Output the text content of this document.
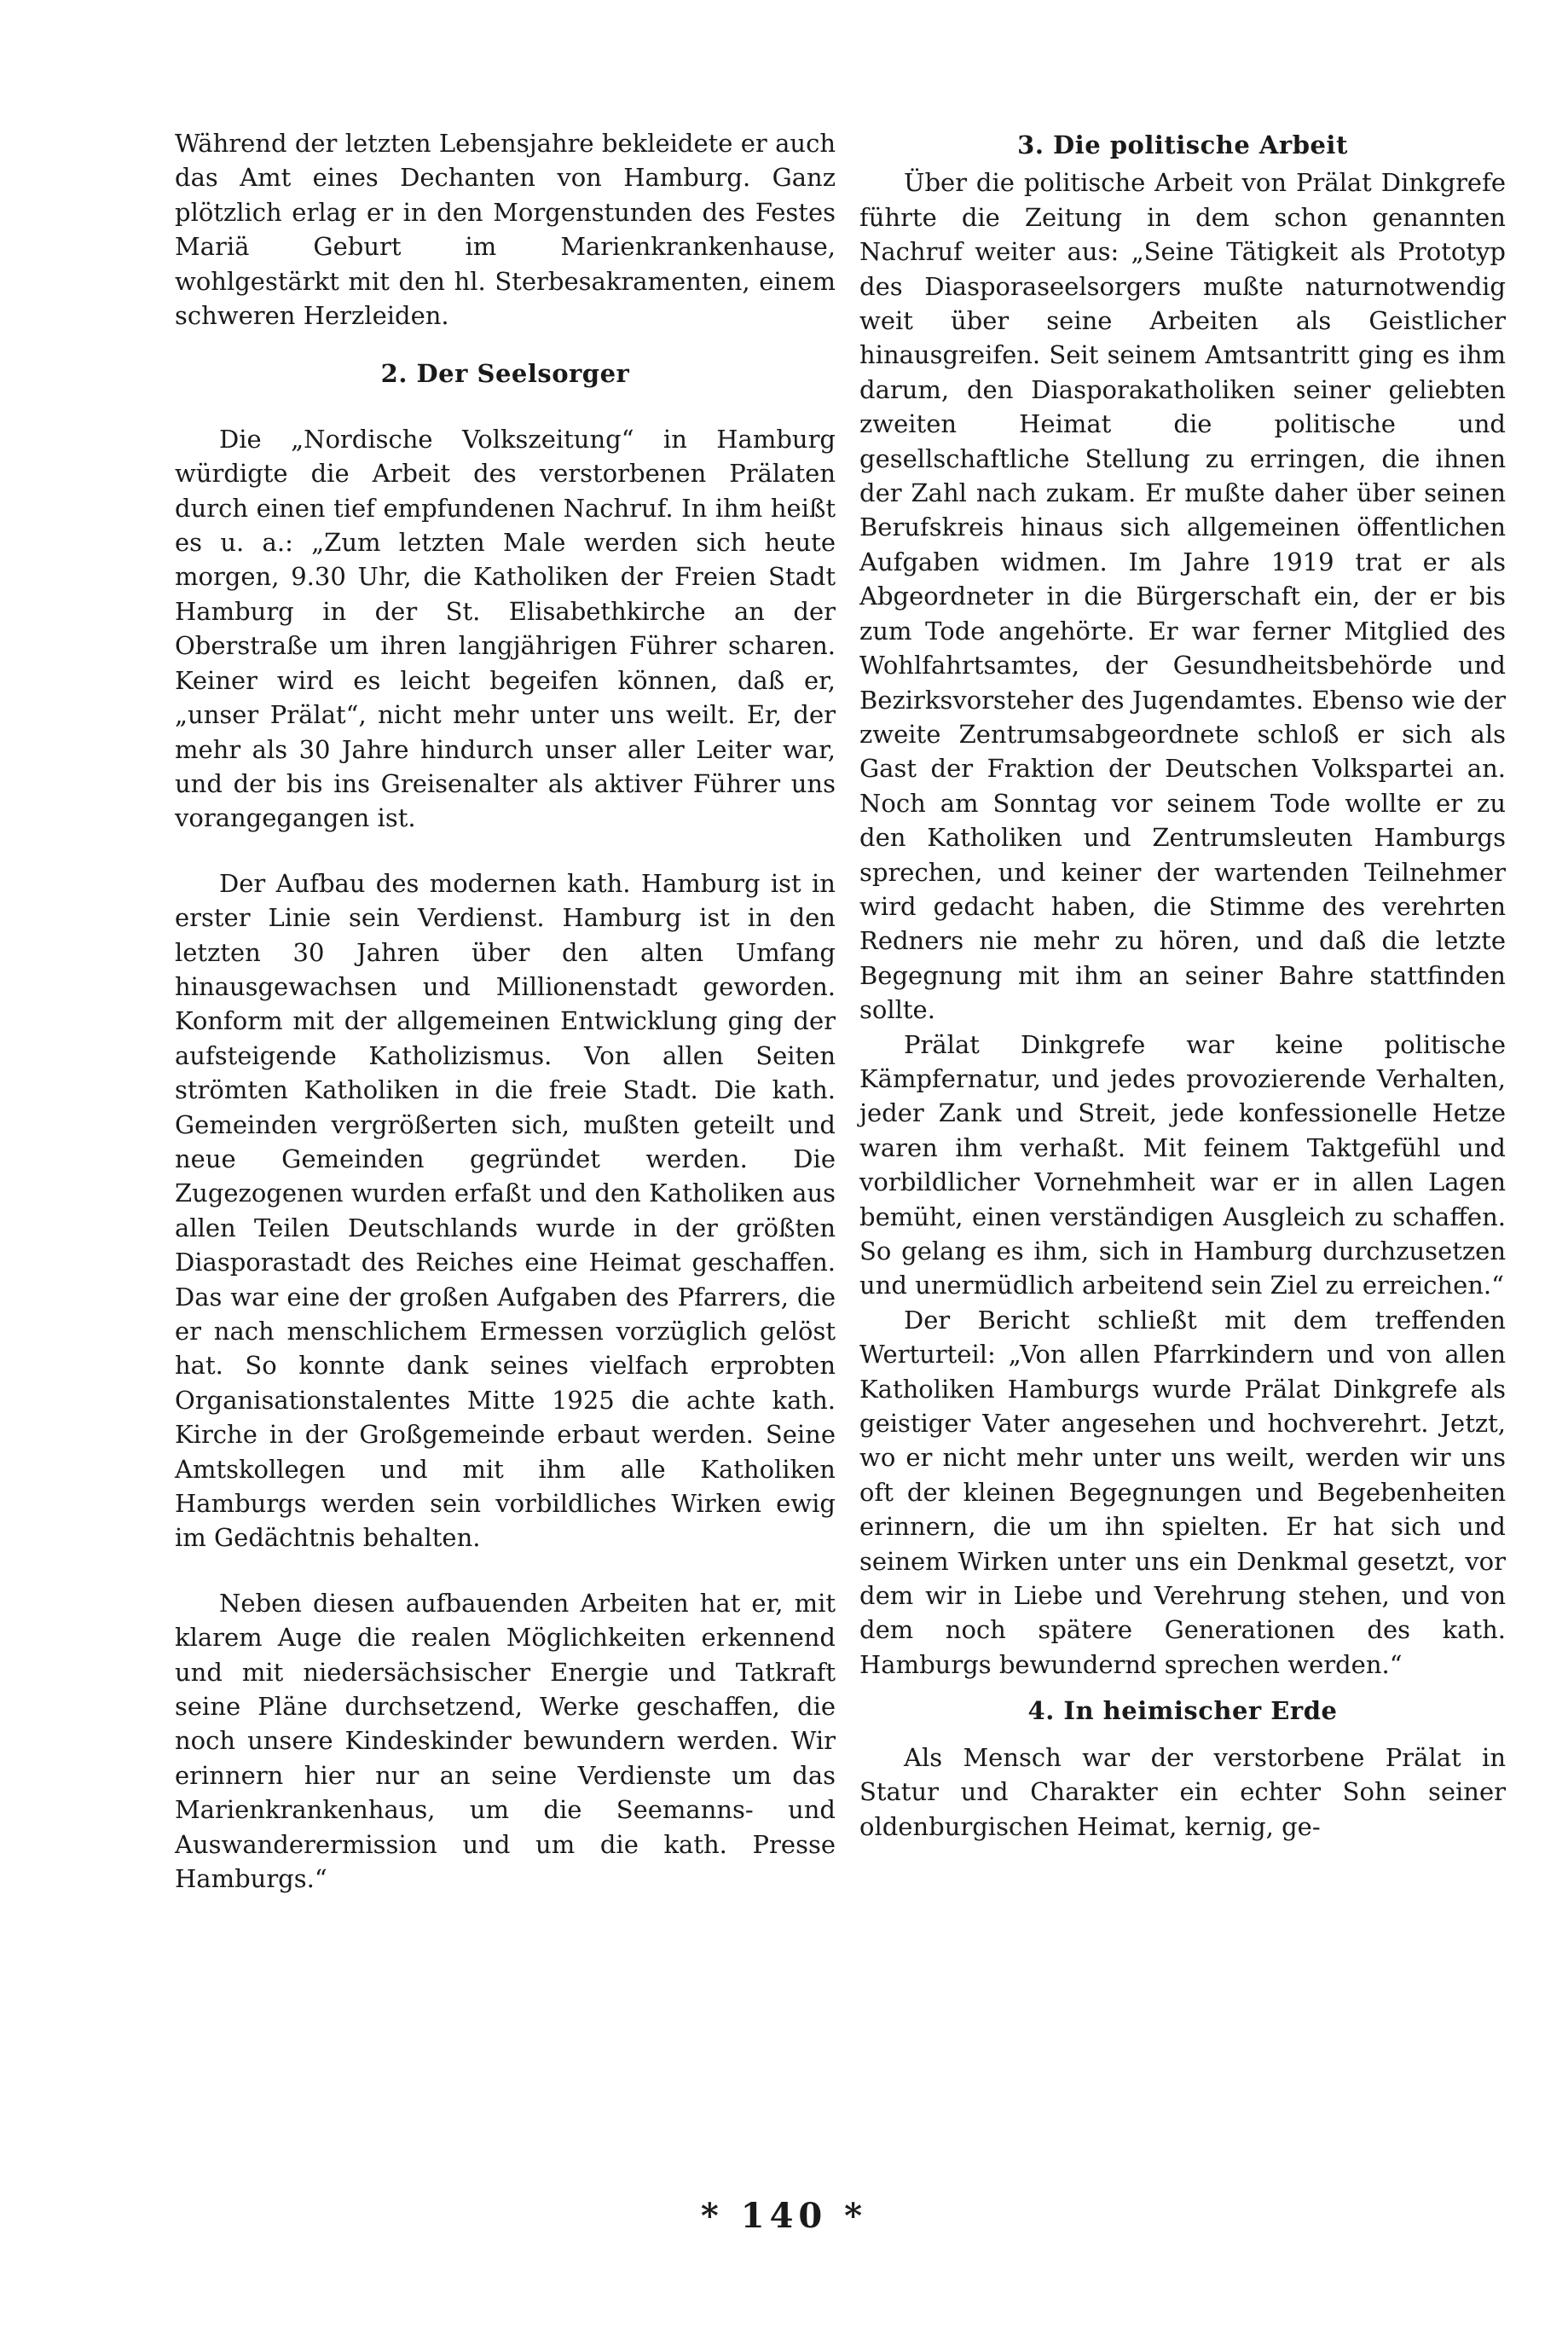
Während der letzten Lebensjahre bekleidete er auch das Amt eines Dechanten von Hamburg. Ganz plötzlich erlag er in den Morgenstunden des Festes Mariä Geburt im Marienkrankenhause, wohlgestärkt mit den hl. Sterbesakramenten, einem schweren Herzleiden.

2. Der Seelsorger

Die „Nordische Volkszeitung“ in Hamburg würdigte die Arbeit des verstorbenen Prälaten durch einen tief empfundenen Nachruf. In ihm heißt es u. a.: „Zum letzten Male werden sich heute morgen, 9.30 Uhr, die Katholiken der Freien Stadt Hamburg in der St. Elisabethkirche an der Oberstraße um ihren langjährigen Führer scharen. Keiner wird es leicht begeifen können, daß er, „unser Prälat“, nicht mehr unter uns weilt. Er, der mehr als 30 Jahre hindurch unser aller Leiter war, und der bis ins Greisenalter als aktiver Führer uns vorangegangen ist.

Der Aufbau des modernen kath. Hamburg ist in erster Linie sein Verdienst. Hamburg ist in den letzten 30 Jahren über den alten Umfang hinausgewachsen und Millionenstadt geworden. Konform mit der allgemeinen Entwicklung ging der aufsteigende Katholizismus. Von allen Seiten strömten Katholiken in die freie Stadt. Die kath. Gemeinden vergrößerten sich, mußten geteilt und neue Gemeinden gegründet werden. Die Zugezogenen wurden erfaßt und den Katholiken aus allen Teilen Deutschlands wurde in der größten Diasporastadt des Reiches eine Heimat geschaffen. Das war eine der großen Aufgaben des Pfarrers, die er nach menschlichem Ermessen vorzüglich gelöst hat. So konnte dank seines vielfach erprobten Organisationstalentes Mitte 1925 die achte kath. Kirche in der Großgemeinde erbaut werden. Seine Amtskollegen und mit ihm alle Katholiken Hamburgs werden sein vorbildliches Wirken ewig im Gedächtnis behalten.

Neben diesen aufbauenden Arbeiten hat er, mit klarem Auge die realen Möglichkeiten erkennend und mit niedersächsischer Energie und Tatkraft seine Pläne durchsetzend, Werke geschaffen, die noch unsere Kindeskinder bewundern werden. Wir erinnern hier nur an seine Verdienste um das Marienkrankenhaus, um die Seemanns- und Auswanderermission und um die kath. Presse Hamburgs.“

3. Die politische Arbeit

Über die politische Arbeit von Prälat Dinkgrefe führte die Zeitung in dem schon genannten Nachruf weiter aus: „Seine Tätigkeit als Prototyp des Diasporaseelsorgers mußte naturnotwendig weit über seine Arbeiten als Geistlicher hinausgreifen. Seit seinem Amtsantritt ging es ihm darum, den Diasporakatholiken seiner geliebten zweiten Heimat die politische und gesellschaftliche Stellung zu erringen, die ihnen der Zahl nach zukam. Er mußte daher über seinen Berufskreis hinaus sich allgemeinen öffentlichen Aufgaben widmen. Im Jahre 1919 trat er als Abgeordneter in die Bürgerschaft ein, der er bis zum Tode angehörte. Er war ferner Mitglied des Wohlfahrtsamtes, der Gesundheitsbehörde und Bezirksvorsteher des Jugendamtes. Ebenso wie der zweite Zentrumsabgeordnete schloß er sich als Gast der Fraktion der Deutschen Volkspartei an. Noch am Sonntag vor seinem Tode wollte er zu den Katholiken und Zentrumsleuten Hamburgs sprechen, und keiner der wartenden Teilnehmer wird gedacht haben, die Stimme des verehrten Redners nie mehr zu hören, und daß die letzte Begegnung mit ihm an seiner Bahre stattfinden sollte.

Prälat Dinkgrefe war keine politische Kämpfernatur, und jedes provozierende Verhalten, jeder Zank und Streit, jede konfessionelle Hetze waren ihm verhaßt. Mit feinem Taktgefühl und vorbildlicher Vornehmheit war er in allen Lagen bemüht, einen verständigen Ausgleich zu schaffen. So gelang es ihm, sich in Hamburg durchzusetzen und unermüdlich arbeitend sein Ziel zu erreichen.“

Der Bericht schließt mit dem treffenden Werturteil: „Von allen Pfarrkindern und von allen Katholiken Hamburgs wurde Prälat Dinkgrefe als geistiger Vater angesehen und hochverehrt. Jetzt, wo er nicht mehr unter uns weilt, werden wir uns oft der kleinen Begegnungen und Begebenheiten erinnern, die um ihn spielten. Er hat sich und seinem Wirken unter uns ein Denkmal gesetzt, vor dem wir in Liebe und Verehrung stehen, und von dem noch spätere Generationen des kath. Hamburgs bewundernd sprechen werden.“

4. In heimischer Erde

Als Mensch war der verstorbene Prälat in Statur und Charakter ein echter Sohn seiner oldenburgischen Heimat, kernig, ge-

* 140 *
